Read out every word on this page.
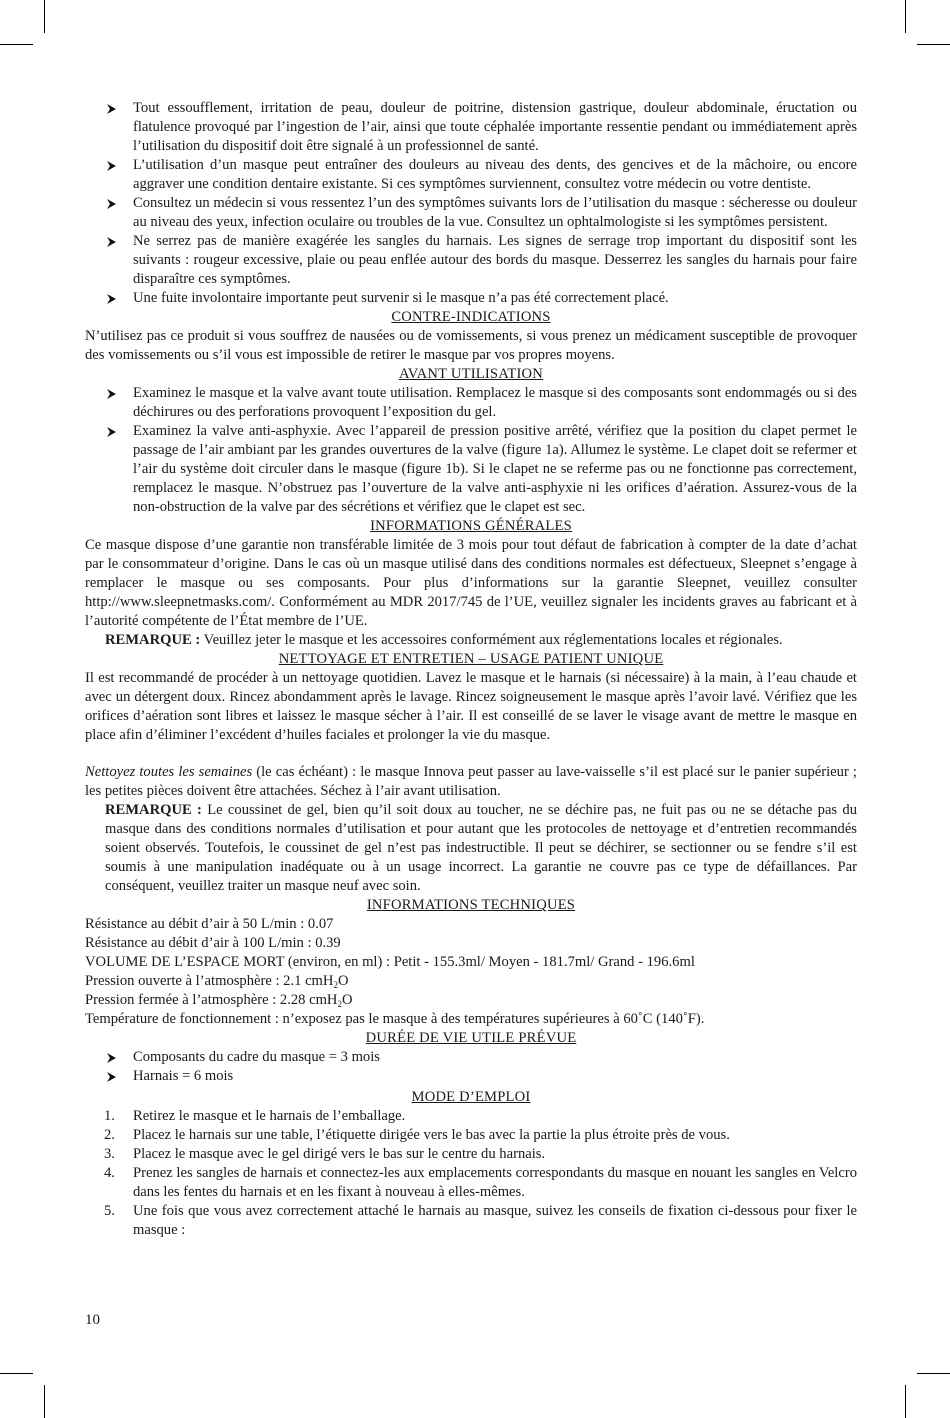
Tout essoufflement, irritation de peau, douleur de poitrine, distension gastrique, douleur abdominale, éructation ou flatulence provoqué par l’ingestion de l’air, ainsi que toute céphalée importante ressentie pendant ou immédiatement après l’utilisation du dispositif doit être signalé à un professionnel de santé.

L’utilisation d’un masque peut entraîner des douleurs au niveau des dents, des gencives et de la mâchoire, ou encore aggraver une condition dentaire existante. Si ces symptômes surviennent, consultez votre médecin ou votre dentiste.

Consultez un médecin si vous ressentez l’un des symptômes suivants lors de l’utilisation du masque : sécheresse ou douleur au niveau des yeux, infection oculaire ou troubles de la vue. Consultez un ophtalmologiste si les symptômes persistent.

Ne serrez pas de manière exagérée les sangles du harnais. Les signes de serrage trop important du dispositif sont les suivants : rougeur excessive, plaie ou peau enflée autour des bords du masque. Desserrez les sangles du harnais pour faire disparaître ces symptômes.

Une fuite involontaire importante peut survenir si le masque n’a pas été correctement placé.

CONTRE-INDICATIONS

N’utilisez pas ce produit si vous souffrez de nausées ou de vomissements, si vous prenez un médicament susceptible de provoquer des vomissements ou s’il vous est impossible de retirer le masque par vos propres moyens.

AVANT UTILISATION

Examinez le masque et la valve avant toute utilisation. Remplacez le masque si des composants sont endommagés ou si des déchirures ou des perforations provoquent l’exposition du gel.

Examinez la valve anti-asphyxie. Avec l’appareil de pression positive arrêté, vérifiez que la position du clapet permet le passage de l’air ambiant par les grandes ouvertures de la valve (figure 1a). Allumez le système. Le clapet doit se refermer et l’air du système doit circuler dans le masque (figure 1b). Si le clapet ne se referme pas ou ne fonctionne pas correctement, remplacez le masque. N’obstruez pas l’ouverture de la valve anti-asphyxie ni les orifices d’aération. Assurez-vous de la non-obstruction de la valve par des sécrétions et vérifiez que le clapet est sec.

INFORMATIONS GÉNÉRALES

Ce masque dispose d’une garantie non transférable limitée de 3 mois pour tout défaut de fabrication à compter de la date d’achat par le consommateur d’origine. Dans le cas où un masque utilisé dans des conditions normales est défectueux, Sleepnet s’engage à remplacer le masque ou ses composants. Pour plus d’informations sur la garantie Sleepnet, veuillez consulter http://www.sleepnetmasks.com/. Conformément au MDR 2017/745 de l’UE, veuillez signaler les incidents graves au fabricant et à l’autorité compétente de l’État membre de l’UE.

REMARQUE : Veuillez jeter le masque et les accessoires conformément aux réglementations locales et régionales.

NETTOYAGE ET ENTRETIEN – USAGE PATIENT UNIQUE

Il est recommandé de procéder à un nettoyage quotidien. Lavez le masque et le harnais (si nécessaire) à la main, à l’eau chaude et avec un détergent doux. Rincez abondamment après le lavage. Rincez soigneusement le masque après l’avoir lavé. Vérifiez que les orifices d’aération sont libres et laissez le masque sécher à l’air. Il est conseillé de se laver le visage avant de mettre le masque en place afin d’éliminer l’excédent d’huiles faciales et prolonger la vie du masque.

Nettoyez toutes les semaines (le cas échéant) : le masque Innova peut passer au lave-vaisselle s’il est placé sur le panier supérieur ; les petites pièces doivent être attachées. Séchez à l’air avant utilisation.

REMARQUE : Le coussinet de gel, bien qu’il soit doux au toucher, ne se déchire pas, ne fuit pas ou ne se détache pas du masque dans des conditions normales d’utilisation et pour autant que les protocoles de nettoyage et d’entretien recommandés soient observés. Toutefois, le coussinet de gel n’est pas indestructible. Il peut se déchirer, se sectionner ou se fendre s’il est soumis à une manipulation inadéquate ou à un usage incorrect. La garantie ne couvre pas ce type de défaillances. Par conséquent, veuillez traiter un masque neuf avec soin.

INFORMATIONS TECHNIQUES

Résistance au débit d’air à 50 L/min : 0.07

Résistance au débit d’air à 100 L/min : 0.39

VOLUME DE L’ESPACE MORT (environ, en ml) : Petit - 155.3ml/ Moyen - 181.7ml/ Grand - 196.6ml

Pression ouverte à l’atmosphère : 2.1 cmH$_2$O

Pression fermée à l’atmosphère : 2.28 cmH$_2$O

Température de fonctionnement : n’exposez pas le masque à des températures supérieures à 60˚C (140˚F).

DURÉE DE VIE UTILE PRÉVUE

Composants du cadre du masque = 3 mois

Harnais = 6 mois

MODE D’EMPLOI

1. Retirez le masque et le harnais de l’emballage.

2. Placez le harnais sur une table, l’étiquette dirigée vers le bas avec la partie la plus étroite près de vous.

3. Placez le masque avec le gel dirigé vers le bas sur le centre du harnais.

4. Prenez les sangles de harnais et connectez-les aux emplacements correspondants du masque en nouant les sangles en Velcro dans les fentes du harnais et en les fixant à nouveau à elles-mêmes.

5. Une fois que vous avez correctement attaché le harnais au masque, suivez les conseils de fixation ci-dessous pour fixer le masque :

10
